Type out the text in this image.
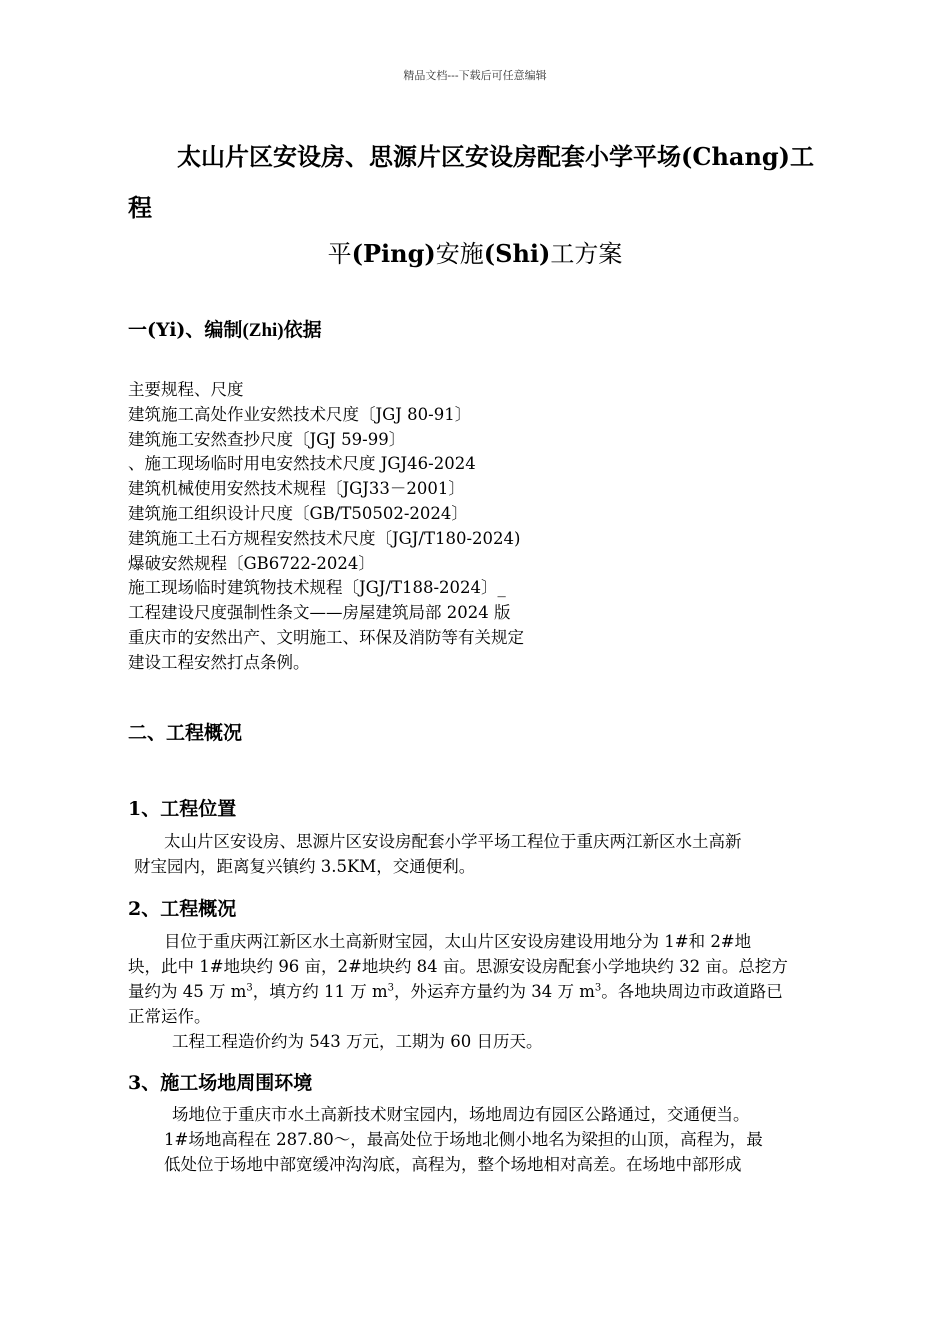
精品文档---下载后可任意编辑
太山片区安设房、思源片区安设房配套小学平场(Chang)工
程
平(Ping)安施(Shi)工方案
一(Yi)、编制(Zhi)依据
主要规程、尺度
建筑施工高处作业安然技术尺度〔JGJ 80-91〕
建筑施工安然查抄尺度〔JGJ 59-99〕
、施工现场临时用电安然技术尺度 JGJ46-2024
建筑机械使用安然技术规程〔JGJ33－2001〕
建筑施工组织设计尺度〔GB/T50502-2024〕
建筑施工土石方规程安然技术尺度〔JGJ/T180-2024)
爆破安然规程〔GB6722-2024〕
施工现场临时建筑物技术规程〔JGJ/T188-2024〕_
工程建设尺度强制性条文——房屋建筑局部 2024 版
重庆市的安然出产、文明施工、环保及消防等有关规定
建设工程安然打点条例。
二、工程概况
1、工程位置
太山片区安设房、思源片区安设房配套小学平场工程位于重庆两江新区水土高新
财宝园内，距离复兴镇约 3.5KM，交通便利。
2、工程概况
目位于重庆两江新区水土高新财宝园，太山片区安设房建设用地分为 1#和 2#地
块，此中 1#地块约 96 亩，2#地块约 84 亩。思源安设房配套小学地块约 32 亩。总挖方
量约为 45 万 $m^3$，填方约 11 万 $m^3$，外运弃方量约为 34 万 $m^3$。各地块周边市政道路已
正常运作。
工程工程造价约为 543 万元，工期为 60 日历天。
3、施工场地周围环境
场地位于重庆市水土高新技术财宝园内，场地周边有园区公路通过，交通便当。
1#场地高程在 287.80～，最高处位于场地北侧小地名为梁担的山顶，高程为，最
低处位于场地中部宽缓冲沟沟底，高程为，整个场地相对高差。在场地中部形成
